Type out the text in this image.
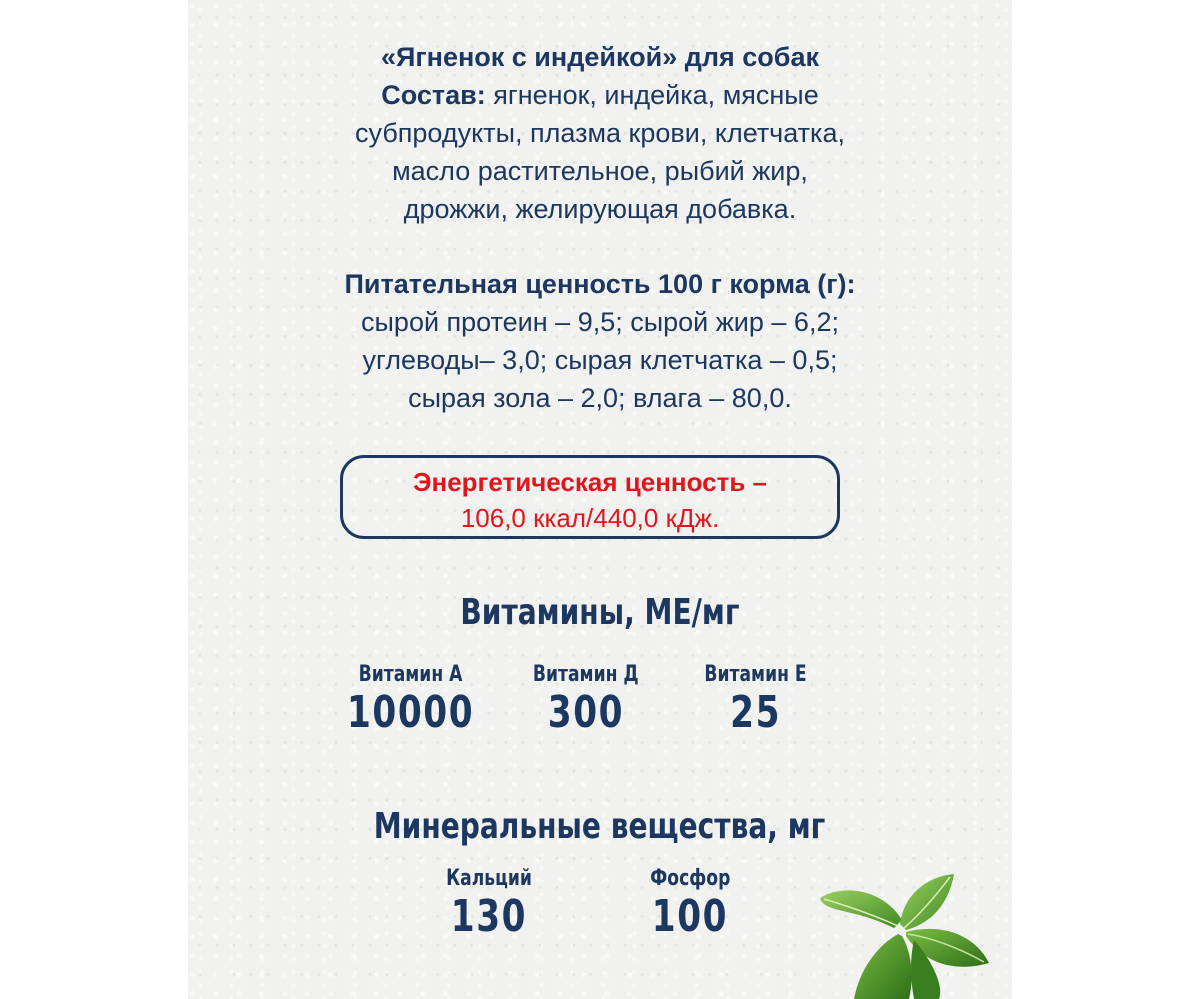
«Ягненок с индейкой» для собак
Состав: ягненок, индейка, мясные
субпродукты, плазма крови, клетчатка,
масло растительное, рыбий жир,
дрожжи, желирующая добавка.
Питательная ценность 100 г корма (г):
сырой протеин – 9,5; сырой жир – 6,2;
углеводы– 3,0; сырая клетчатка – 0,5;
сырая зола – 2,0; влага – 80,0.
Энергетическая ценность –
106,0 ккал/440,0 кДж.
Витамины, МЕ/мг
Витамин А
10000
Витамин Д
300
Витамин Е
25
Минеральные вещества, мг
Кальций
130
Фосфор
100
